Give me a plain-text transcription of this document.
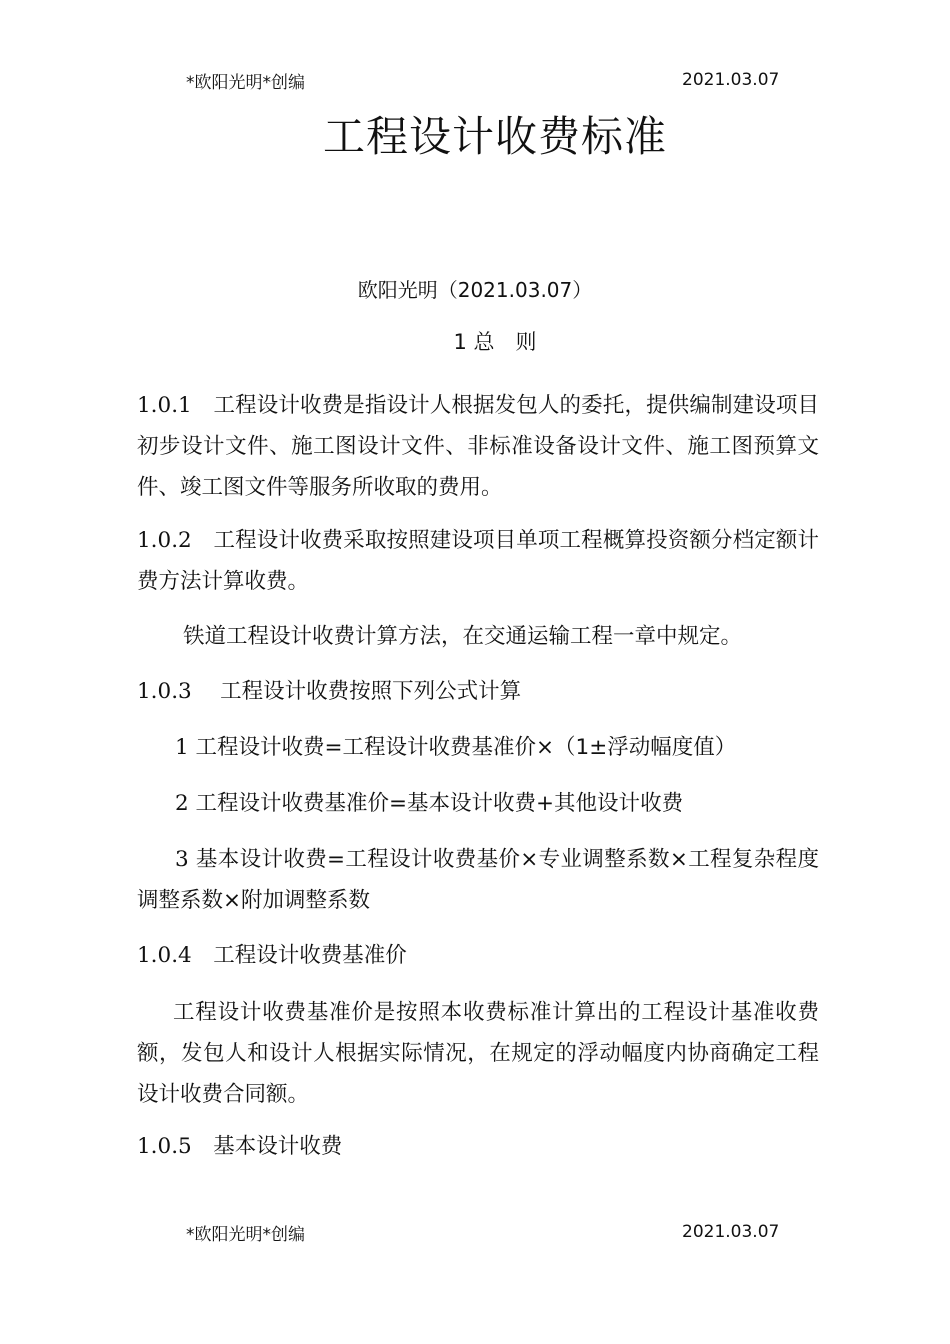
*欧阳光明*创编	2021.03.07
工程设计收费标准
欧阳光明（2021.03.07）
1 总　则
1.0.1　 工程设计收费是指设计人根据发包人的委托，提供编制建设项目初步设计文件、施工图设计文件、非标准设备设计文件、施工图预算文件、竣工图文件等服务所收取的费用。
1.0.2　 工程设计收费采取按照建设项目单项工程概算投资额分档定额计费方法计算收费。
铁道工程设计收费计算方法，在交通运输工程一章中规定。
1.0.3　 工程设计收费按照下列公式计算
1 工程设计收费=工程设计收费基准价×（1±浮动幅度值）
2 工程设计收费基准价=基本设计收费+其他设计收费
3 基本设计收费=工程设计收费基价×专业调整系数×工程复杂程度调整系数×附加调整系数
1.0.4　 工程设计收费基准价
工程设计收费基准价是按照本收费标准计算出的工程设计基准收费额，发包人和设计人根据实际情况，在规定的浮动幅度内协商确定工程设计收费合同额。
1.0.5　 基本设计收费
*欧阳光明*创编	2021.03.07
